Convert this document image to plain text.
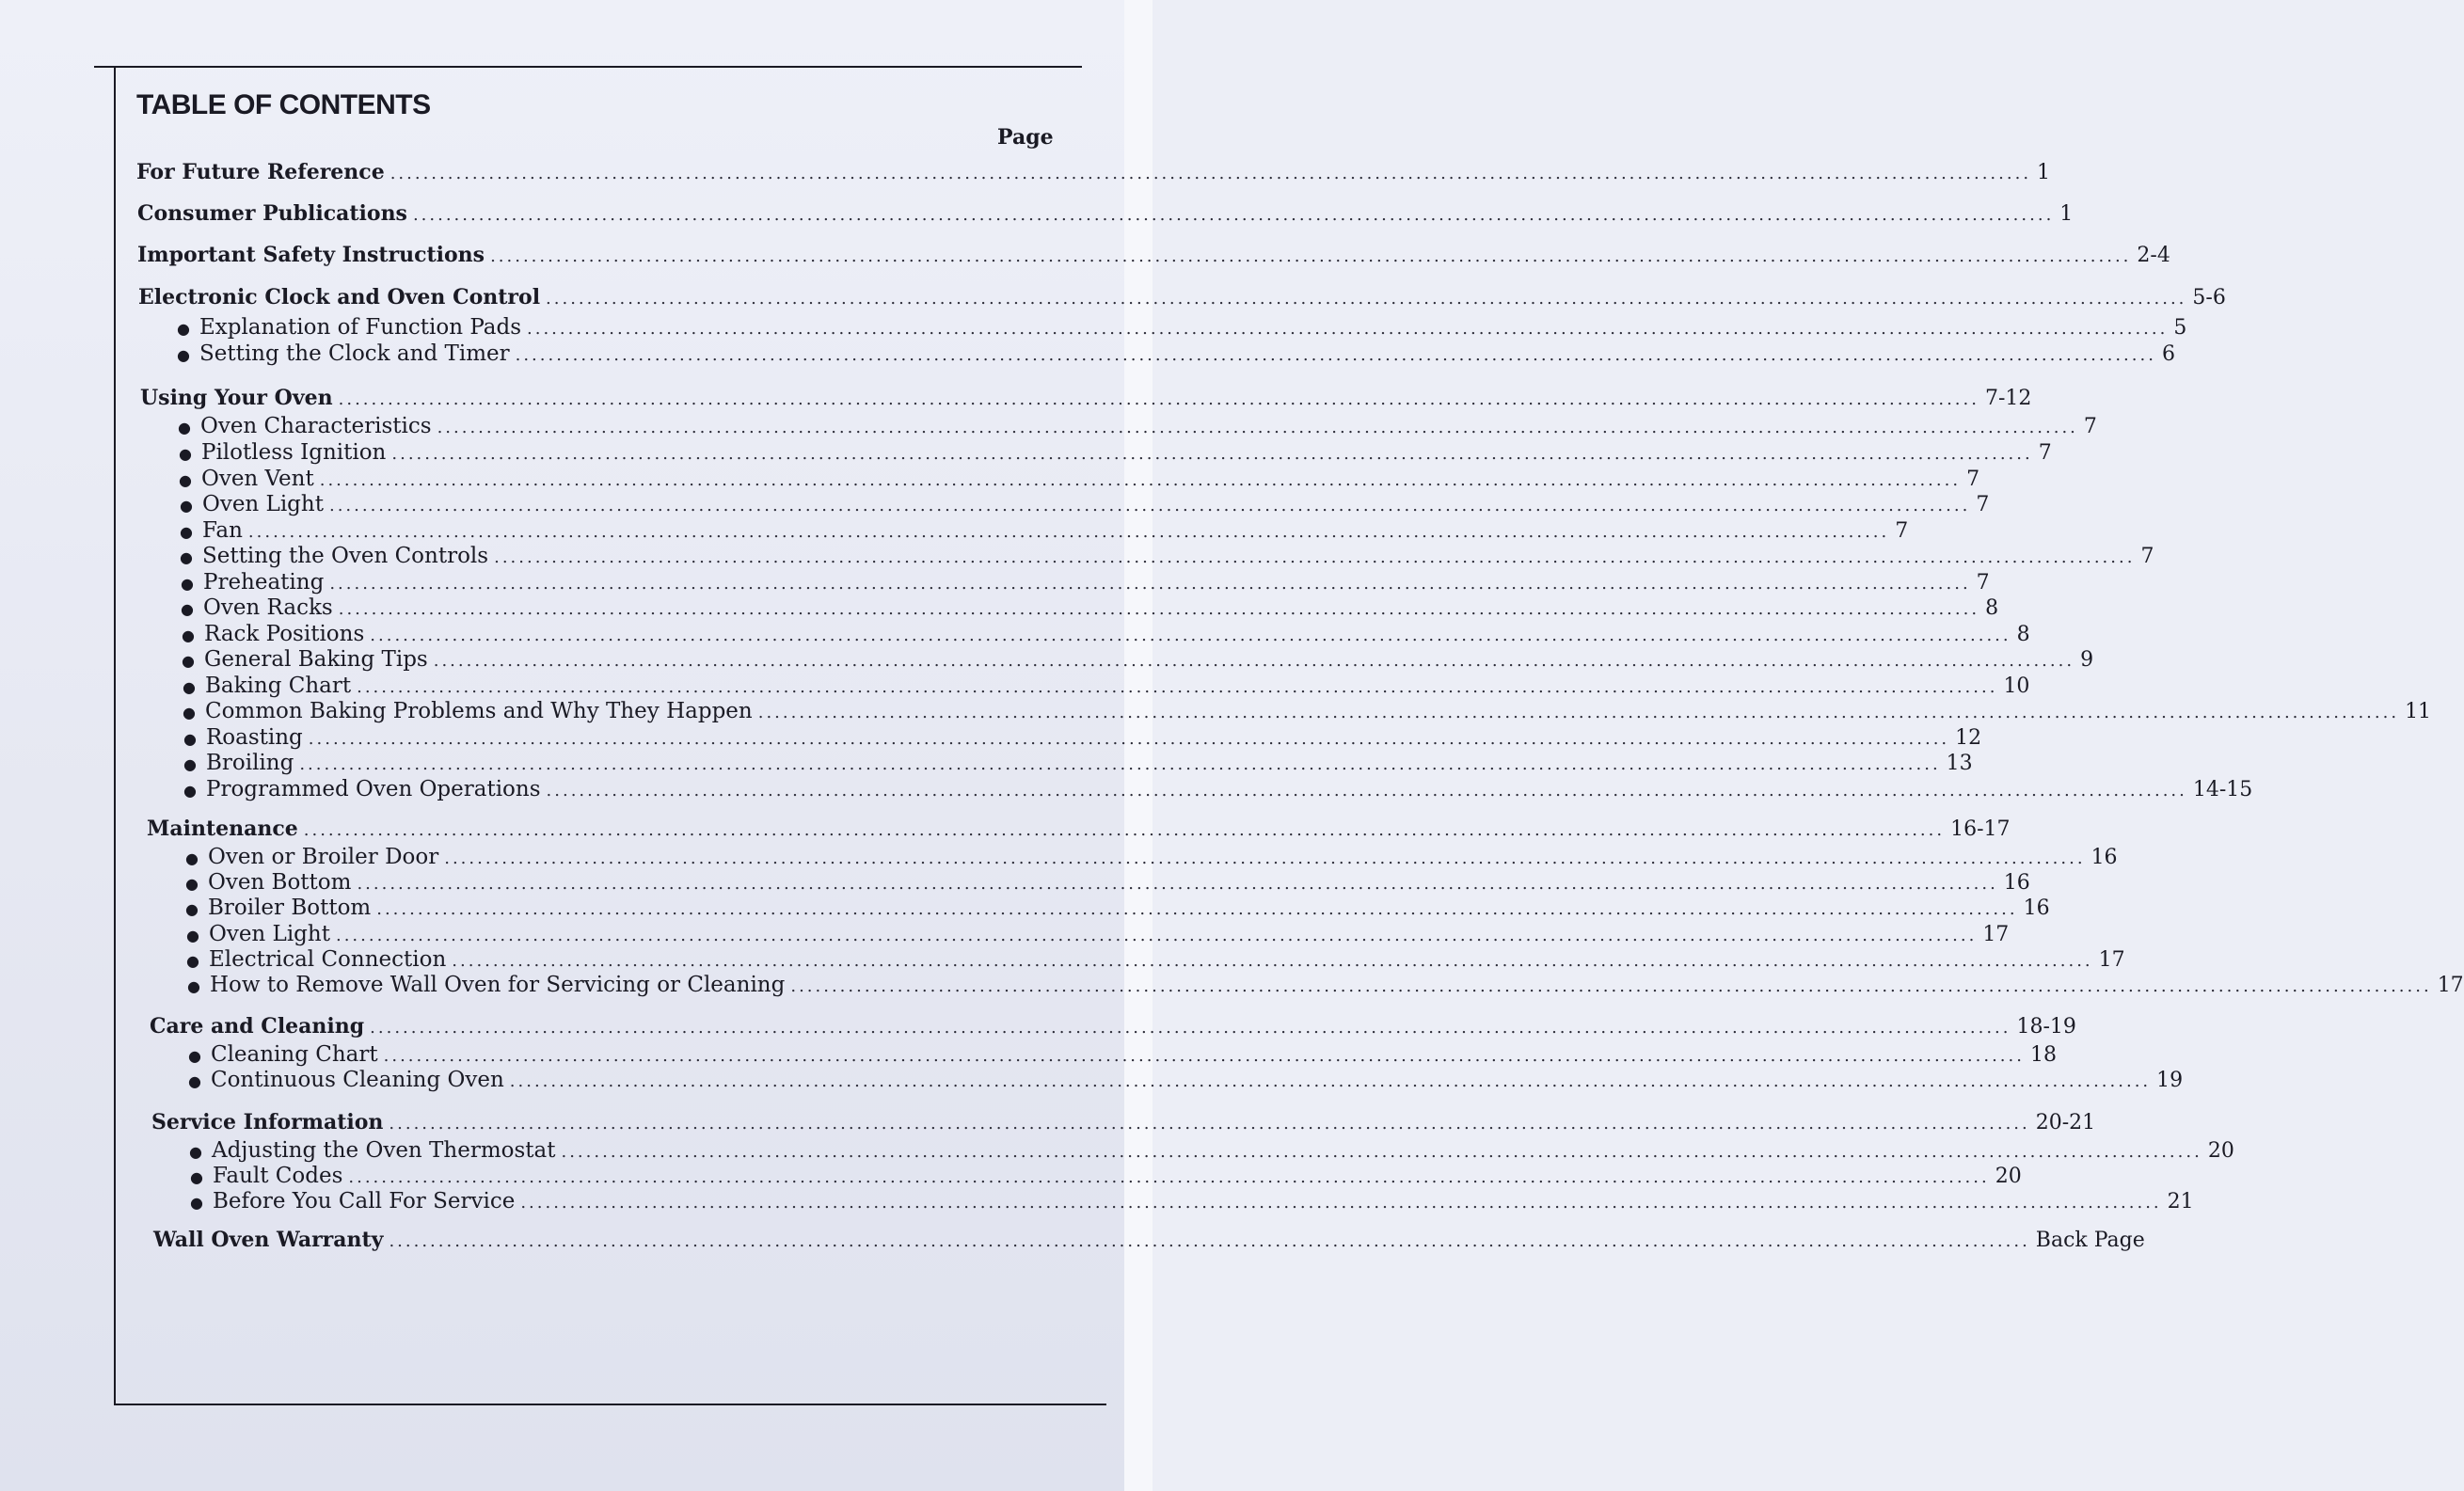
TABLE OF CONTENTS
Page
For Future Reference ........................................................................................................................................................................................................ 1
Consumer Publications ........................................................................................................................................................................................................ 1
Important Safety Instructions ........................................................................................................................................................................................................ 2-4
Electronic Clock and Oven Control ........................................................................................................................................................................................................ 5-6
● Explanation of Function Pads ........................................................................................................................................................................................................ 5
● Setting the Clock and Timer ........................................................................................................................................................................................................ 6
Using Your Oven ........................................................................................................................................................................................................ 7-12
● Oven Characteristics ........................................................................................................................................................................................................ 7
● Pilotless Ignition ........................................................................................................................................................................................................ 7
● Oven Vent ........................................................................................................................................................................................................ 7
● Oven Light ........................................................................................................................................................................................................ 7
● Fan ........................................................................................................................................................................................................ 7
● Setting the Oven Controls ........................................................................................................................................................................................................ 7
● Preheating ........................................................................................................................................................................................................ 7
● Oven Racks ........................................................................................................................................................................................................ 8
● Rack Positions ........................................................................................................................................................................................................ 8
● General Baking Tips ........................................................................................................................................................................................................ 9
● Baking Chart ........................................................................................................................................................................................................ 10
● Common Baking Problems and Why They Happen ........................................................................................................................................................................................................ 11
● Roasting ........................................................................................................................................................................................................ 12
● Broiling ........................................................................................................................................................................................................ 13
● Programmed Oven Operations ........................................................................................................................................................................................................ 14-15
Maintenance ........................................................................................................................................................................................................ 16-17
● Oven or Broiler Door ........................................................................................................................................................................................................ 16
● Oven Bottom ........................................................................................................................................................................................................ 16
● Broiler Bottom ........................................................................................................................................................................................................ 16
● Oven Light ........................................................................................................................................................................................................ 17
● Electrical Connection ........................................................................................................................................................................................................ 17
● How to Remove Wall Oven for Servicing or Cleaning ........................................................................................................................................................................................................ 17
Care and Cleaning ........................................................................................................................................................................................................ 18-19
● Cleaning Chart ........................................................................................................................................................................................................ 18
● Continuous Cleaning Oven ........................................................................................................................................................................................................ 19
Service Information ........................................................................................................................................................................................................ 20-21
● Adjusting the Oven Thermostat ........................................................................................................................................................................................................ 20
● Fault Codes ........................................................................................................................................................................................................ 20
● Before You Call For Service ........................................................................................................................................................................................................ 21
Wall Oven Warranty ........................................................................................................................................................................................................ Back Page
